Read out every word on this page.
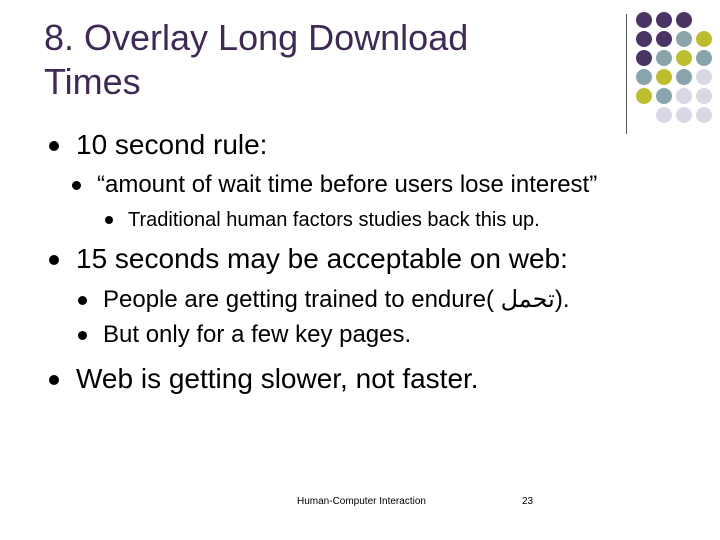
8. Overlay Long Download
Times
10 second rule:
“amount of wait time before users lose interest”
Traditional human factors studies back this up.
15 seconds may be acceptable on web:
People are getting trained to endure( تحمل).
But only for a few key pages.
Web is getting slower, not faster.
Human-Computer Interaction	23
